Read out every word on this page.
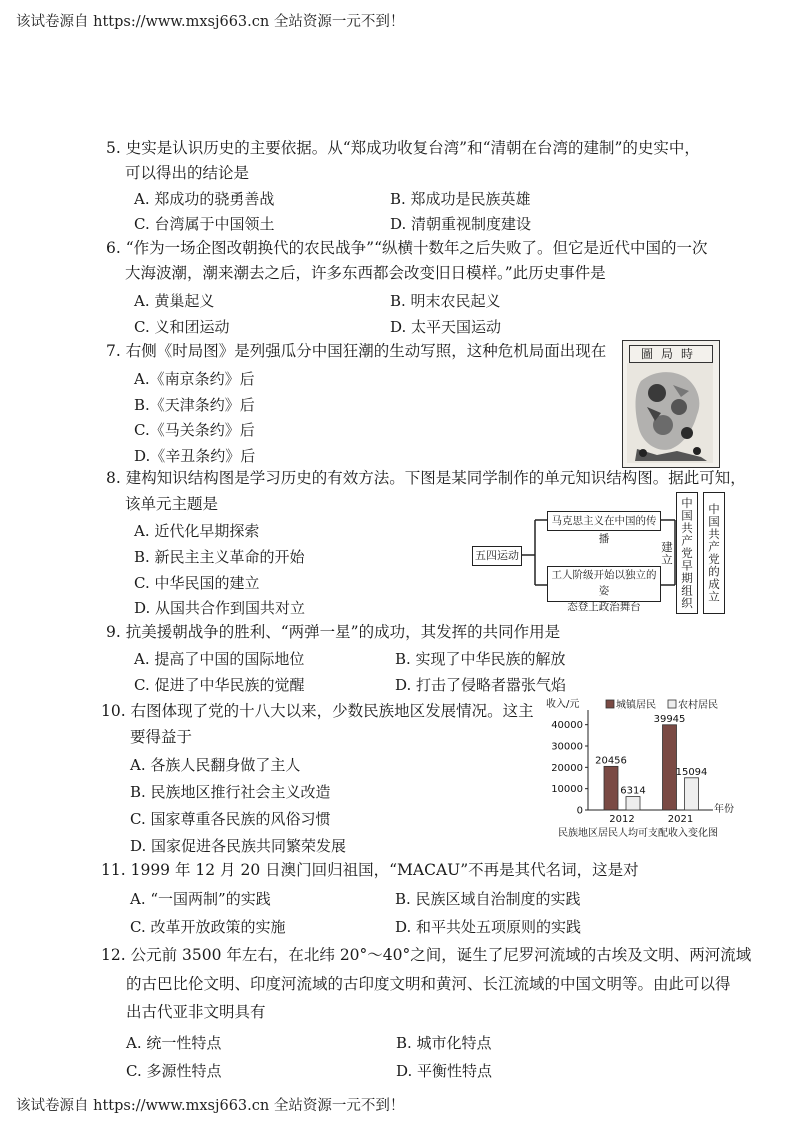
该试卷源自 https://www.mxsj663.cn 全站资源一元不到！
5. 史实是认识历史的主要依据。从“郑成功收复台湾”和“清朝在台湾的建制”的史实中，
可以得出的结论是
A. 郑成功的骁勇善战	B. 郑成功是民族英雄
C. 台湾属于中国领土	D. 清朝重视制度建设
6. “作为一场企图改朝换代的农民战争”“纵横十数年之后失败了。但它是近代中国的一次
大海波潮，潮来潮去之后，许多东西都会改变旧日模样。”此历史事件是
A. 黄巢起义	B. 明末农民起义
C. 义和团运动	D. 太平天国运动
7. 右侧《时局图》是列强瓜分中国狂潮的生动写照，这种危机局面出现在
A.《南京条约》后
B.《天津条约》后
C.《马关条约》后
D.《辛丑条约》后
圖局時
8. 建构知识结构图是学习历史的有效方法。下图是某同学制作的单元知识结构图。据此可知，
该单元主题是
A. 近代化早期探索
B. 新民主主义革命的开始
C. 中华民国的建立
D. 从国共合作到国共对立
五四运动
马克思主义在中国的传播
工人阶级开始以独立的姿
态登上政治舞台	中国共产党早期组织建立	中国共产党的成立
9. 抗美援朝战争的胜利、“两弹一星”的成功，其发挥的共同作用是
A. 提高了中国的国际地位	B. 实现了中华民族的解放
C. 促进了中华民族的觉醒	D. 打击了侵略者嚣张气焰
10. 右图体现了党的十八大以来，少数民族地区发展情况。这主
要得益于
A. 各族人民翻身做了主人
B. 民族地区推行社会主义改造
C. 国家尊重各民族的风俗习惯
D. 国家促进各民族共同繁荣发展
收入/元	城镇居民 农村居民
0
10000
20000
30000
40000
年份
20456
6314
2012
39945
15094
2021
民族地区居民人均可支配收入变化图
11. 1999 年 12 月 20 日澳门回归祖国，“MACAU”不再是其代名词，这是对
A. “一国两制”的实践	B. 民族区域自治制度的实践
C. 改革开放政策的实施	D. 和平共处五项原则的实践
12. 公元前 3500 年左右，在北纬 20°～40°之间，诞生了尼罗河流域的古埃及文明、两河流域
的古巴比伦文明、印度河流域的古印度文明和黄河、长江流域的中国文明等。由此可以得
出古代亚非文明具有
A. 统一性特点	B. 城市化特点
C. 多源性特点	D. 平衡性特点
该试卷源自 https://www.mxsj663.cn 全站资源一元不到！
